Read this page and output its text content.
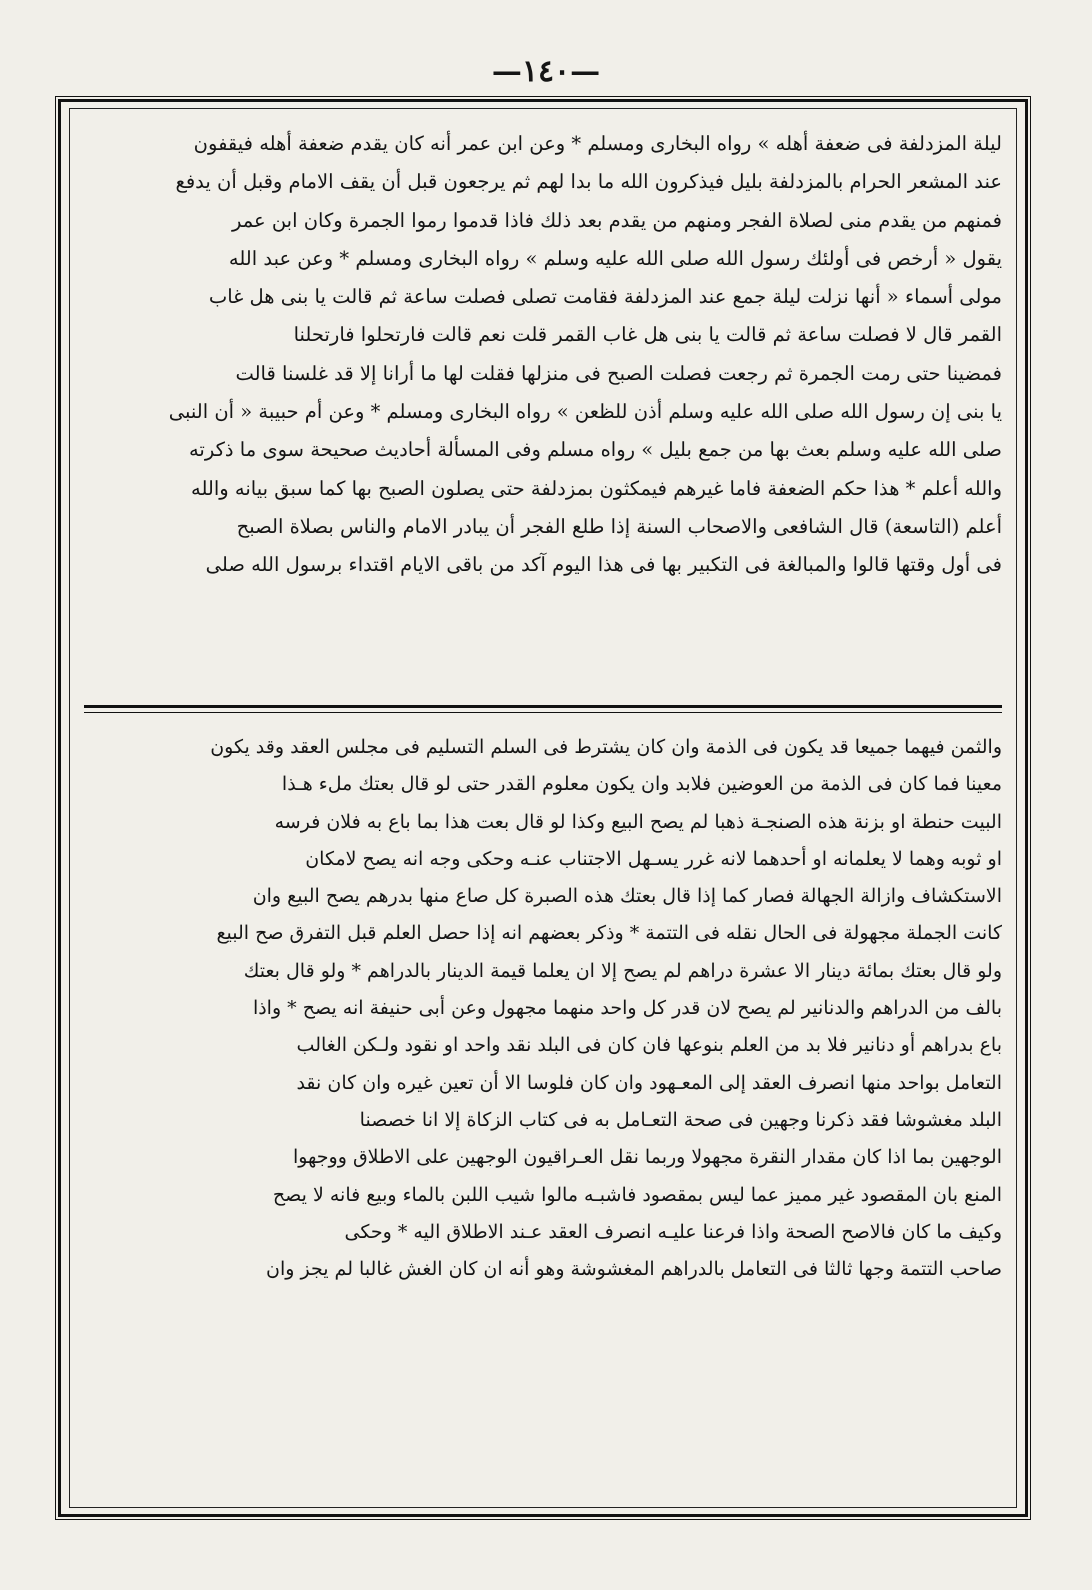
—١٤٠—

ليلة المزدلفة فى ضعفة أهله » رواه البخارى ومسلم * وعن ابن عمر أنه كان يقدم ضعفة أهله فيقفون

عند المشعر الحرام بالمزدلفة بليل فيذكرون الله ما بدا لهم ثم يرجعون قبل أن يقف الامام وقبل أن يدفع

فمنهم من يقدم منى لصلاة الفجر ومنهم من يقدم بعد ذلك فاذا قدموا رموا الجمرة وكان ابن عمر

يقول « أرخص فى أولئك رسول الله صلى الله عليه وسلم » رواه البخارى ومسلم * وعن عبد الله

مولى أسماء « أنها نزلت ليلة جمع عند المزدلفة فقامت تصلى فصلت ساعة ثم قالت يا بنى هل غاب

القمر قال لا فصلت ساعة ثم قالت يا بنى هل غاب القمر قلت نعم قالت فارتحلوا فارتحلنا

فمضينا حتى رمت الجمرة ثم رجعت فصلت الصبح فى منزلها فقلت لها ما أرانا إلا قد غلسنا قالت

يا بنى إن رسول الله صلى الله عليه وسلم أذن للظعن » رواه البخارى ومسلم * وعن أم حبيبة « أن النبى

صلى الله عليه وسلم بعث بها من جمع بليل » رواه مسلم وفى المسألة أحاديث صحيحة سوى ما ذكرته

والله أعلم * هذا حكم الضعفة فاما غيرهم فيمكثون بمزدلفة حتى يصلون الصبح بها كما سبق بيانه والله

أعلم (التاسعة) قال الشافعى والاصحاب السنة إذا طلع الفجر أن يبادر الامام والناس بصلاة الصبح

فى أول وقتها قالوا والمبالغة فى التكبير بها فى هذا اليوم آكد من باقى الايام اقتداء برسول الله صلى

والثمن فيهما جميعا قد يكون فى الذمة وان كان يشترط فى السلم التسليم فى مجلس العقد وقد يكون

معينا فما كان فى الذمة من العوضين فلابد وان يكون معلوم القدر حتى لو قال بعتك ملء هـذا

البيت حنطة او بزنة هذه الصنجـة ذهبا لم يصح البيع وكذا لو قال بعت هذا بما باع به فلان فرسه

او ثوبه وهما لا يعلمانه او أحدهما لانه غرر يسـهل الاجتناب عنـه وحكى وجه انه يصح لامكان

الاستكشاف وازالة الجهالة فصار كما إذا قال بعتك هذه الصبرة كل صاع منها بدرهم يصح البيع وان

كانت الجملة مجهولة فى الحال نقله فى التتمة * وذكر بعضهم انه إذا حصل العلم قبل التفرق صح البيع

ولو قال بعتك بمائة دينار الا عشرة دراهم لم يصح إلا ان يعلما قيمة الدينار بالدراهم * ولو قال بعتك

بالف من الدراهم والدنانير لم يصح لان قدر كل واحد منهما مجهول وعن أبى حنيفة انه يصح * واذا

باع بدراهم أو دنانير فلا بد من العلم بنوعها فان كان فى البلد نقد واحد او نقود ولـكن الغالب

التعامل بواحد منها انصرف العقد إلى المعـهود وان كان فلوسا الا أن تعين غيره وان كان نقد

البلد مغشوشا فقد ذكرنا وجهين فى صحة التعـامل به فى كتاب الزكاة إلا انا خصصنا

الوجهين بما اذا كان مقدار النقرة مجهولا وربما نقل العـراقيون الوجهين على الاطلاق ووجهوا

المنع بان المقصود غير مميز عما ليس بمقصود فاشبـه مالوا شيب اللبن بالماء وبيع فانه لا يصح

وكيف ما كان فالاصح الصحة واذا فرعنا عليـه انصرف العقد عـند الاطلاق اليه * وحكى

صاحب التتمة وجها ثالثا فى التعامل بالدراهم المغشوشة وهو أنه ان كان الغش غالبا لم يجز وان
